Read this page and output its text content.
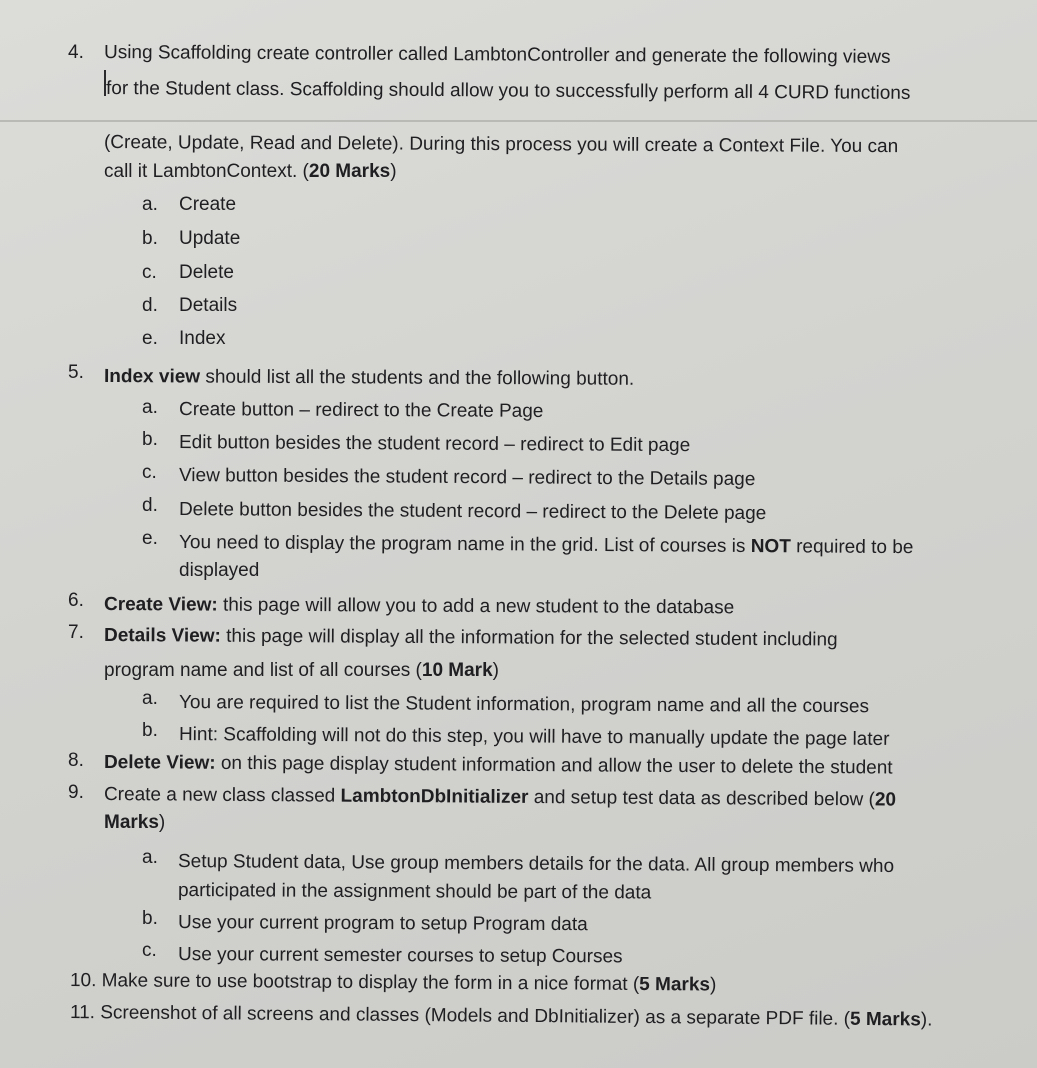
4. Using Scaffolding create controller called LambtonController and generate the following views
for the Student class. Scaffolding should allow you to successfully perform all 4 CURD functions
(Create, Update, Read and Delete). During this process you will create a Context File. You can
call it LambtonContext. (20 Marks)
a. Create
b. Update
c. Delete
d. Details
e. Index
5. Index view should list all the students and the following button.
a. Create button – redirect to the Create Page
b. Edit button besides the student record – redirect to Edit page
c. View button besides the student record – redirect to the Details page
d. Delete button besides the student record – redirect to the Delete page
e. You need to display the program name in the grid. List of courses is NOT required to be
displayed
6. Create View: this page will allow you to add a new student to the database
7. Details View: this page will display all the information for the selected student including
program name and list of all courses (10 Mark)
a. You are required to list the Student information, program name and all the courses
b. Hint: Scaffolding will not do this step, you will have to manually update the page later
8. Delete View: on this page display student information and allow the user to delete the student
9. Create a new class classed LambtonDbInitializer and setup test data as described below (20
Marks)
a. Setup Student data, Use group members details for the data. All group members who
participated in the assignment should be part of the data
b. Use your current program to setup Program data
c. Use your current semester courses to setup Courses
10. Make sure to use bootstrap to display the form in a nice format (5 Marks)
11. Screenshot of all screens and classes (Models and DbInitializer) as a separate PDF file. (5 Marks).
